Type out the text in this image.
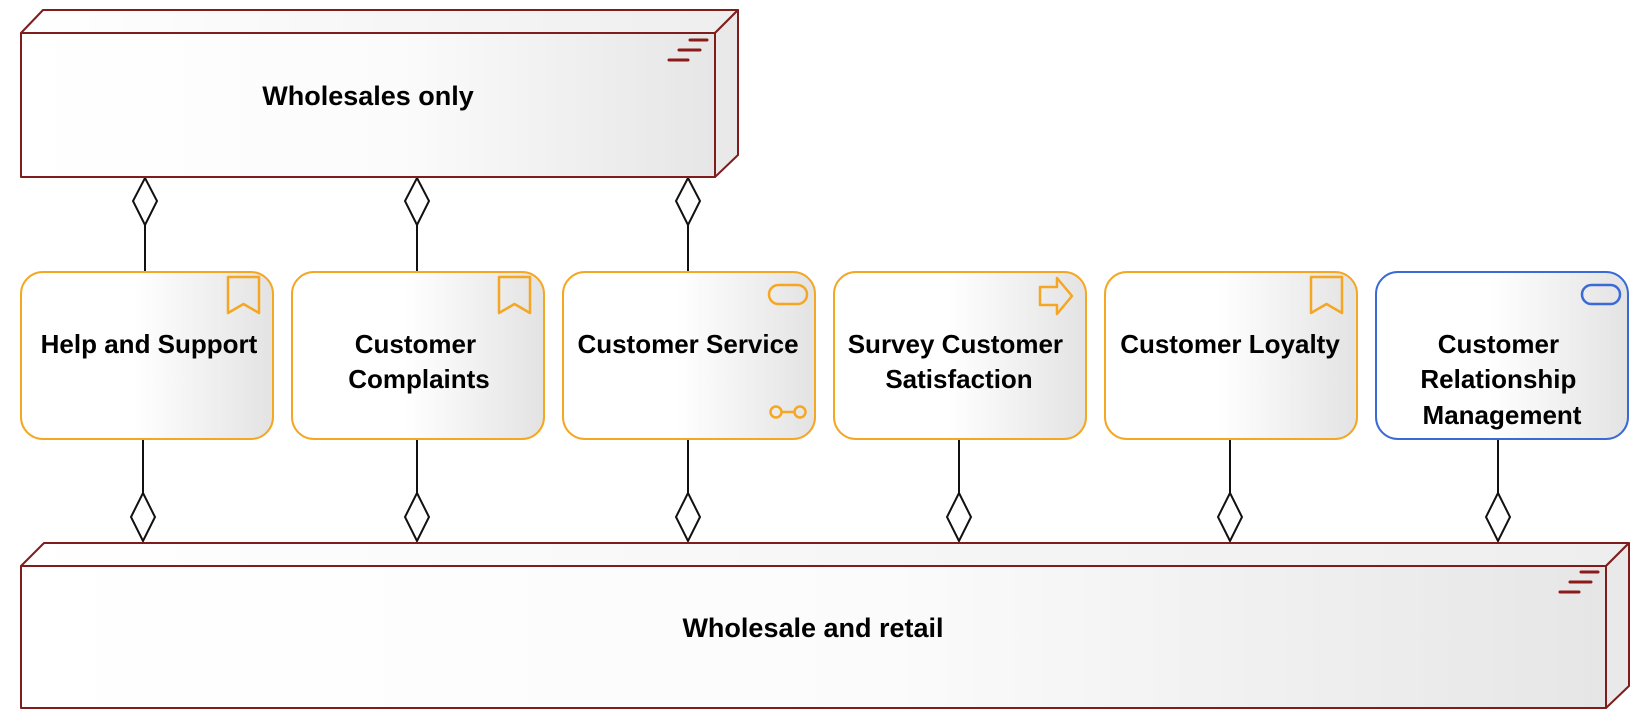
Wholesales only
Wholesale and retail
Help and Support	Customer Complaints
Customer Service Survey Customer Satisfaction
Customer Loyalty	Customer Relationship Management
